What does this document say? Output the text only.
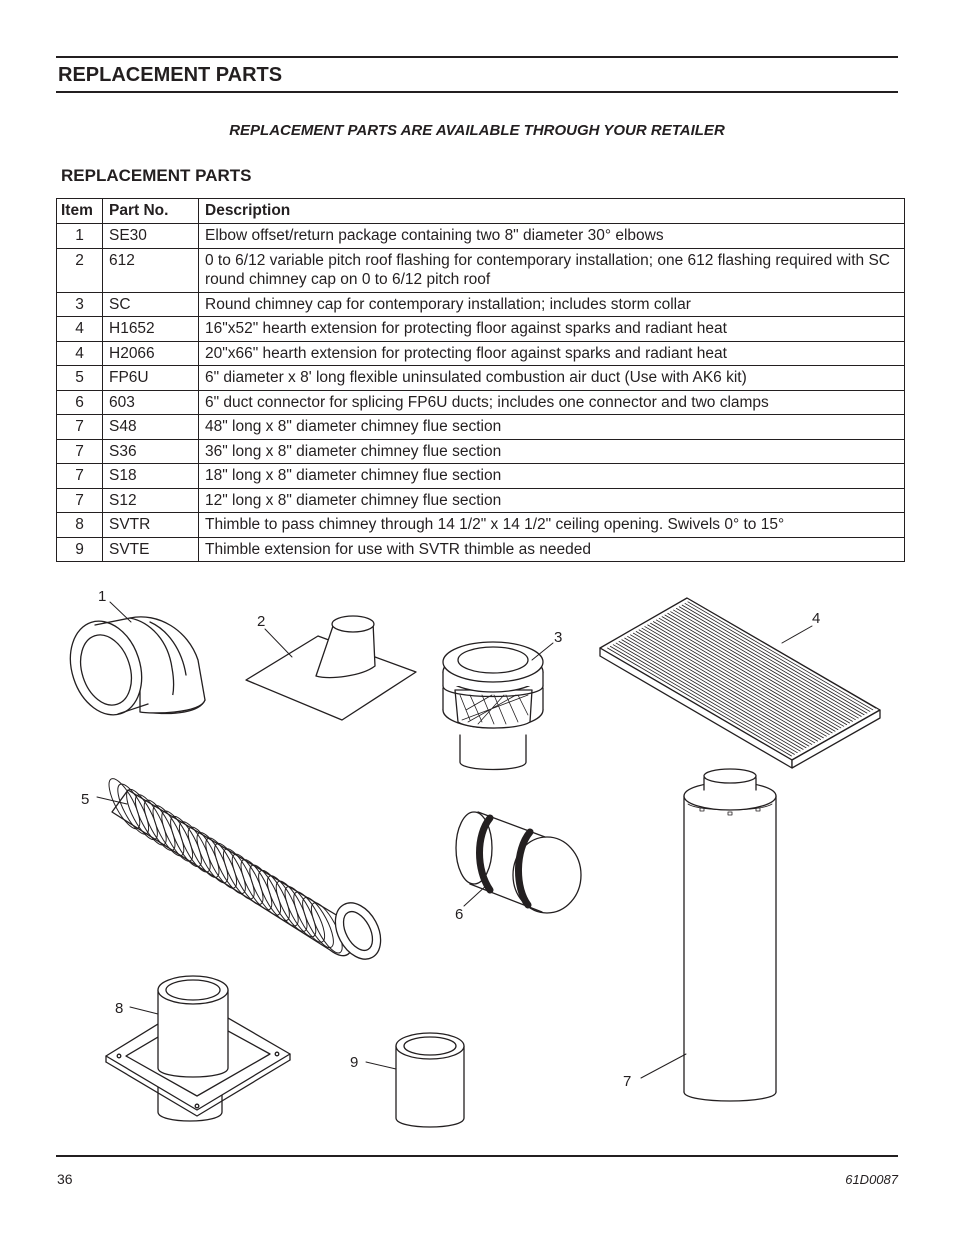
REPLACEMENT PARTS
REPLACEMENT PARTS ARE AVAILABLE THROUGH YOUR RETAILER
REPLACEMENT PARTS
Item	Part No.	Description
1	SE30	Elbow offset/return package containing two 8" diameter 30° elbows
2	612	0 to 6/12 variable pitch roof flashing for contemporary installation; one 612 flashing required with SC round chimney cap on 0 to 6/12 pitch roof
3	SC	Round chimney cap for contemporary installation; includes storm collar
4	H1652	16"x52" hearth extension for protecting floor against sparks and radiant heat
4	H2066	20"x66" hearth extension for protecting floor against sparks and radiant heat
5	FP6U	6" diameter x 8' long flexible uninsulated combustion air duct (Use with AK6 kit)
6	603	6" duct connector for splicing FP6U ducts; includes one connector and two clamps
7	S48	48" long x 8" diameter chimney flue section
7	S36	36" long x 8" diameter chimney flue section
7	S18	18" long x 8" diameter chimney flue section
7	S12	12" long x 8" diameter chimney flue section
8	SVTR	Thimble to pass chimney through 14 1/2" x 14 1/2" ceiling opening. Swivels 0° to 15°
9	SVTE	Thimble extension for use with SVTR thimble as needed
1
2
3
4
5
6
7
8
9
36	61D0087
